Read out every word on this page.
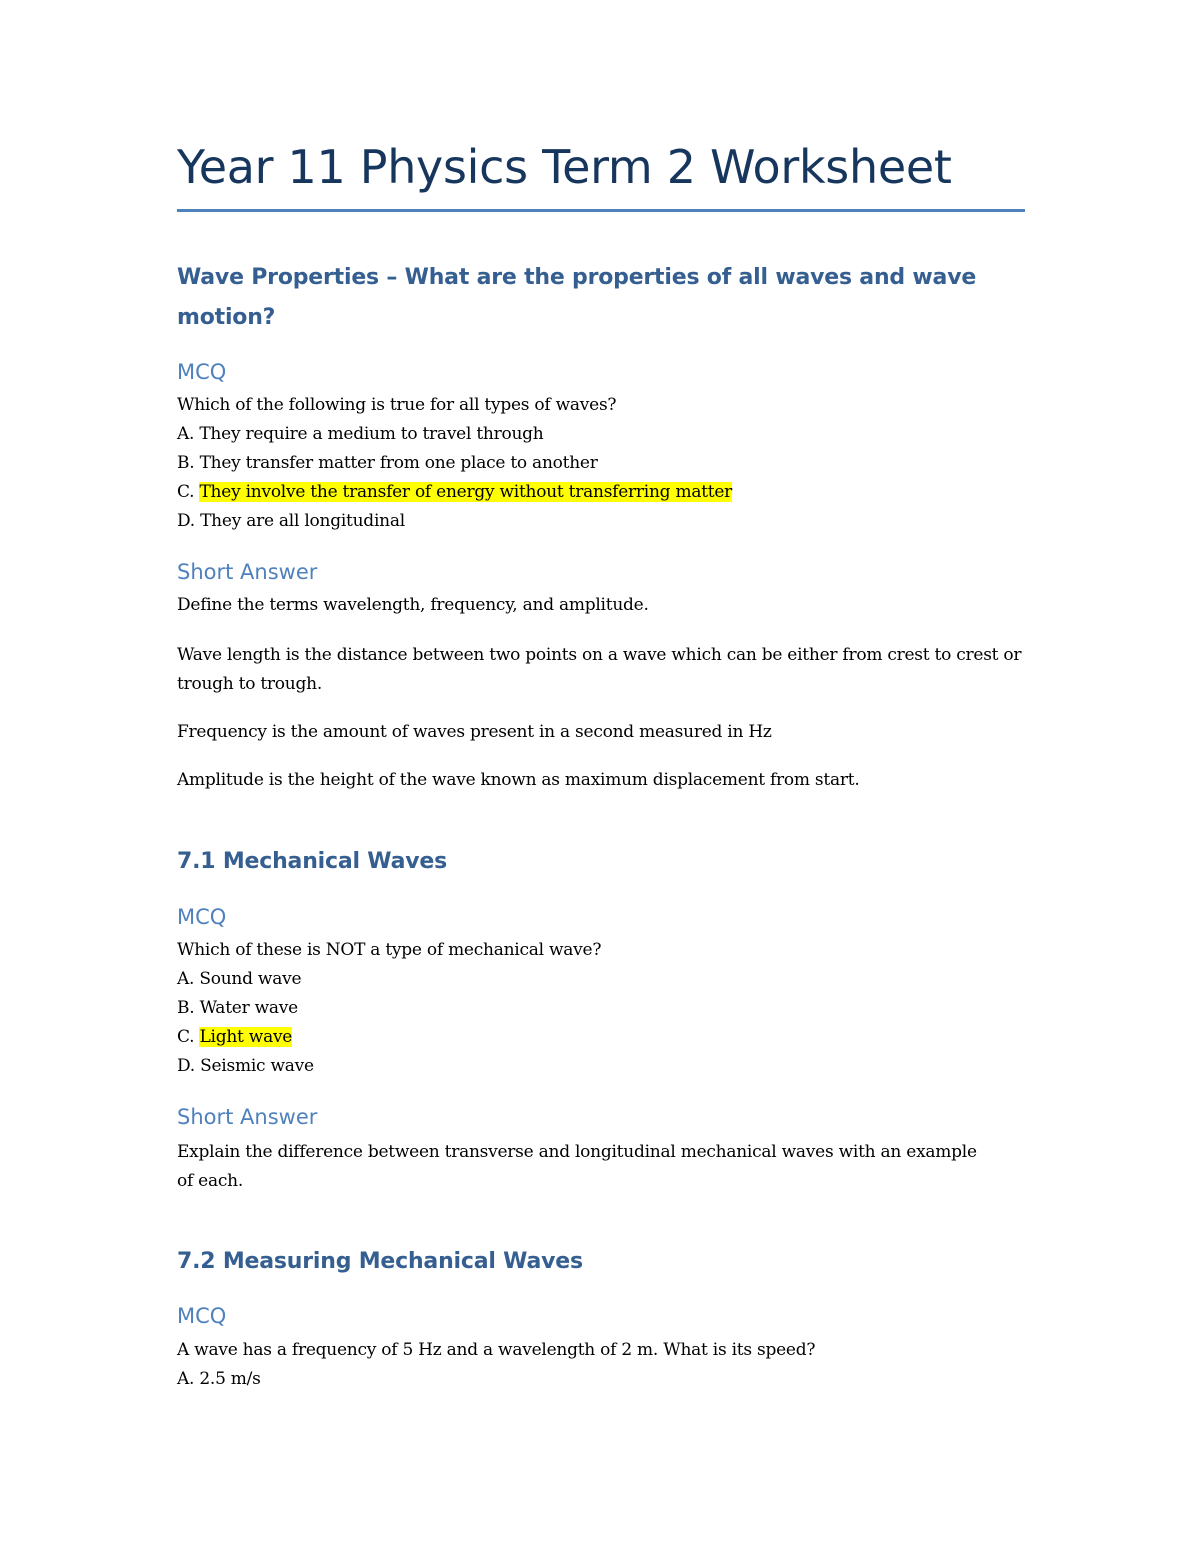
Year 11 Physics Term 2 Worksheet
Wave Properties – What are the properties of all waves and wave motion?
MCQ
Which of the following is true for all types of waves?
A. They require a medium to travel through
B. They transfer matter from one place to another
C. They involve the transfer of energy without transferring matter
D. They are all longitudinal
Short Answer
Define the terms wavelength, frequency, and amplitude.
Wave length is the distance between two points on a wave which can be either from crest to crest or trough to trough.
Frequency is the amount of waves present in a second measured in Hz
Amplitude is the height of the wave known as maximum displacement from start.
7.1 Mechanical Waves
MCQ
Which of these is NOT a type of mechanical wave?
A. Sound wave
B. Water wave
C. Light wave
D. Seismic wave
Short Answer
Explain the difference between transverse and longitudinal mechanical waves with an example of each.
7.2 Measuring Mechanical Waves
MCQ
A wave has a frequency of 5 Hz and a wavelength of 2 m. What is its speed?
A. 2.5 m/s
